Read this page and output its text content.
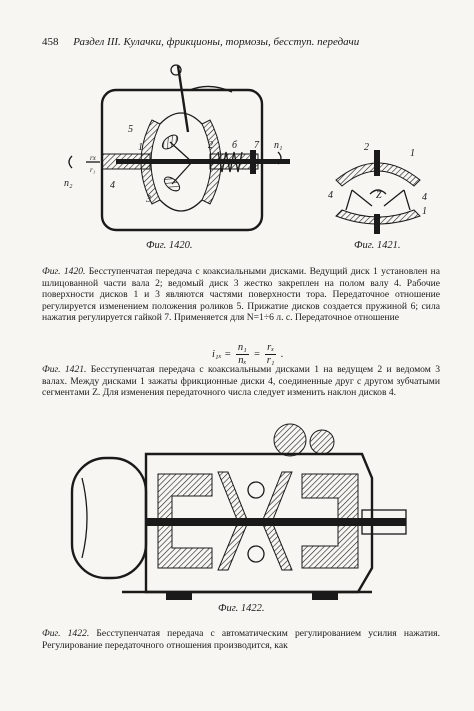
458 Раздел III. Кулачки, фрикционы, тормозы, бесступ. передачи
5
1	2 б 7
4
3
n₁
n₂
rx
r₁
Фиг. 1420.
2
1
4	Z	4
1
Фиг. 1421.
Фиг. 1420. Бесступенчатая передача с коаксиальными дисками. Ведущий диск 1 установлен на шлицованной части вала 2; ведомый диск 3 жестко закреплен на полом валу 4. Рабочие поверхности дисков 1 и 3 являются частями поверхности тора. Передаточное отношение регулируется изменением положения роликов 5. Прижатие дисков создается пружиной 6; сила нажатия регулируется гайкой 7. Применяется для N=1÷6 л. с. Передаточное отношение
$i_{1x} = \frac{\text{n₁}}{\text{nₓ}} = \frac{\text{rₓ}}{\text{r₁}}$ .
Фиг. 1421. Бесступенчатая передача с коаксиальными дисками 1 на ведущем 2 и ведомом 3 валах. Между дисками 1 зажаты фрикционные диски 4, соединенные друг с другом зубчатыми сегментами Z. Для изменения передаточного числа следует изменить наклон дисков 4.
Фиг. 1422.
Фиг. 1422. Бесступенчатая передача с автоматическим регулированием усилия нажатия. Регулирование передаточного отношения производится, как
